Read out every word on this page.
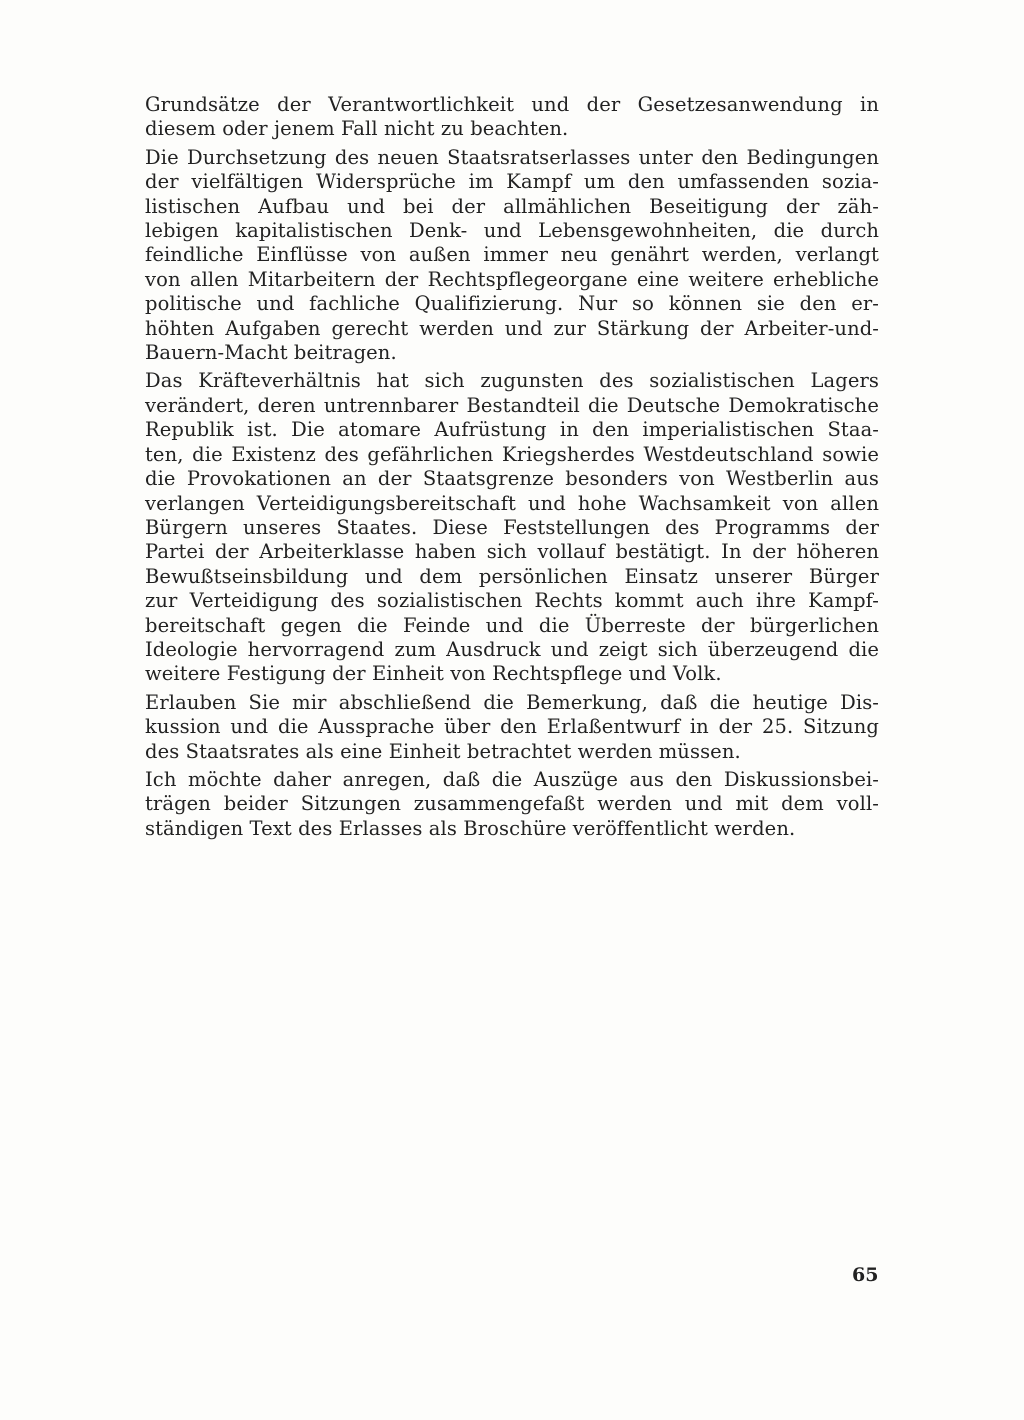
Grundsätze der Verantwortlichkeit und der Gesetzesanwendung in
diesem oder jenem Fall nicht zu beachten.
Die Durchsetzung des neuen Staatsratserlasses unter den Bedingungen
der vielfältigen Widersprüche im Kampf um den umfassenden sozia-
listischen Aufbau und bei der allmählichen Beseitigung der zäh-
lebigen kapitalistischen Denk- und Lebensgewohnheiten, die durch
feindliche Einflüsse von außen immer neu genährt werden, verlangt
von allen Mitarbeitern der Rechtspflegeorgane eine weitere erhebliche
politische und fachliche Qualifizierung. Nur so können sie den er-
höhten Aufgaben gerecht werden und zur Stärkung der Arbeiter-und-
Bauern-Macht beitragen.
Das Kräfteverhältnis hat sich zugunsten des sozialistischen Lagers
verändert, deren untrennbarer Bestandteil die Deutsche Demokratische
Republik ist. Die atomare Aufrüstung in den imperialistischen Staa-
ten, die Existenz des gefährlichen Kriegsherdes Westdeutschland sowie
die Provokationen an der Staatsgrenze besonders von Westberlin aus
verlangen Verteidigungsbereitschaft und hohe Wachsamkeit von allen
Bürgern unseres Staates. Diese Feststellungen des Programms der
Partei der Arbeiterklasse haben sich vollauf bestätigt. In der höheren
Bewußtseinsbildung und dem persönlichen Einsatz unserer Bürger
zur Verteidigung des sozialistischen Rechts kommt auch ihre Kampf-
bereitschaft gegen die Feinde und die Überreste der bürgerlichen
Ideologie hervorragend zum Ausdruck und zeigt sich überzeugend die
weitere Festigung der Einheit von Rechtspflege und Volk.
Erlauben Sie mir abschließend die Bemerkung, daß die heutige Dis-
kussion und die Aussprache über den Erlaßentwurf in der 25. Sitzung
des Staatsrates als eine Einheit betrachtet werden müssen.
Ich möchte daher anregen, daß die Auszüge aus den Diskussionsbei-
trägen beider Sitzungen zusammengefaßt werden und mit dem voll-
ständigen Text des Erlasses als Broschüre veröffentlicht werden.
65
